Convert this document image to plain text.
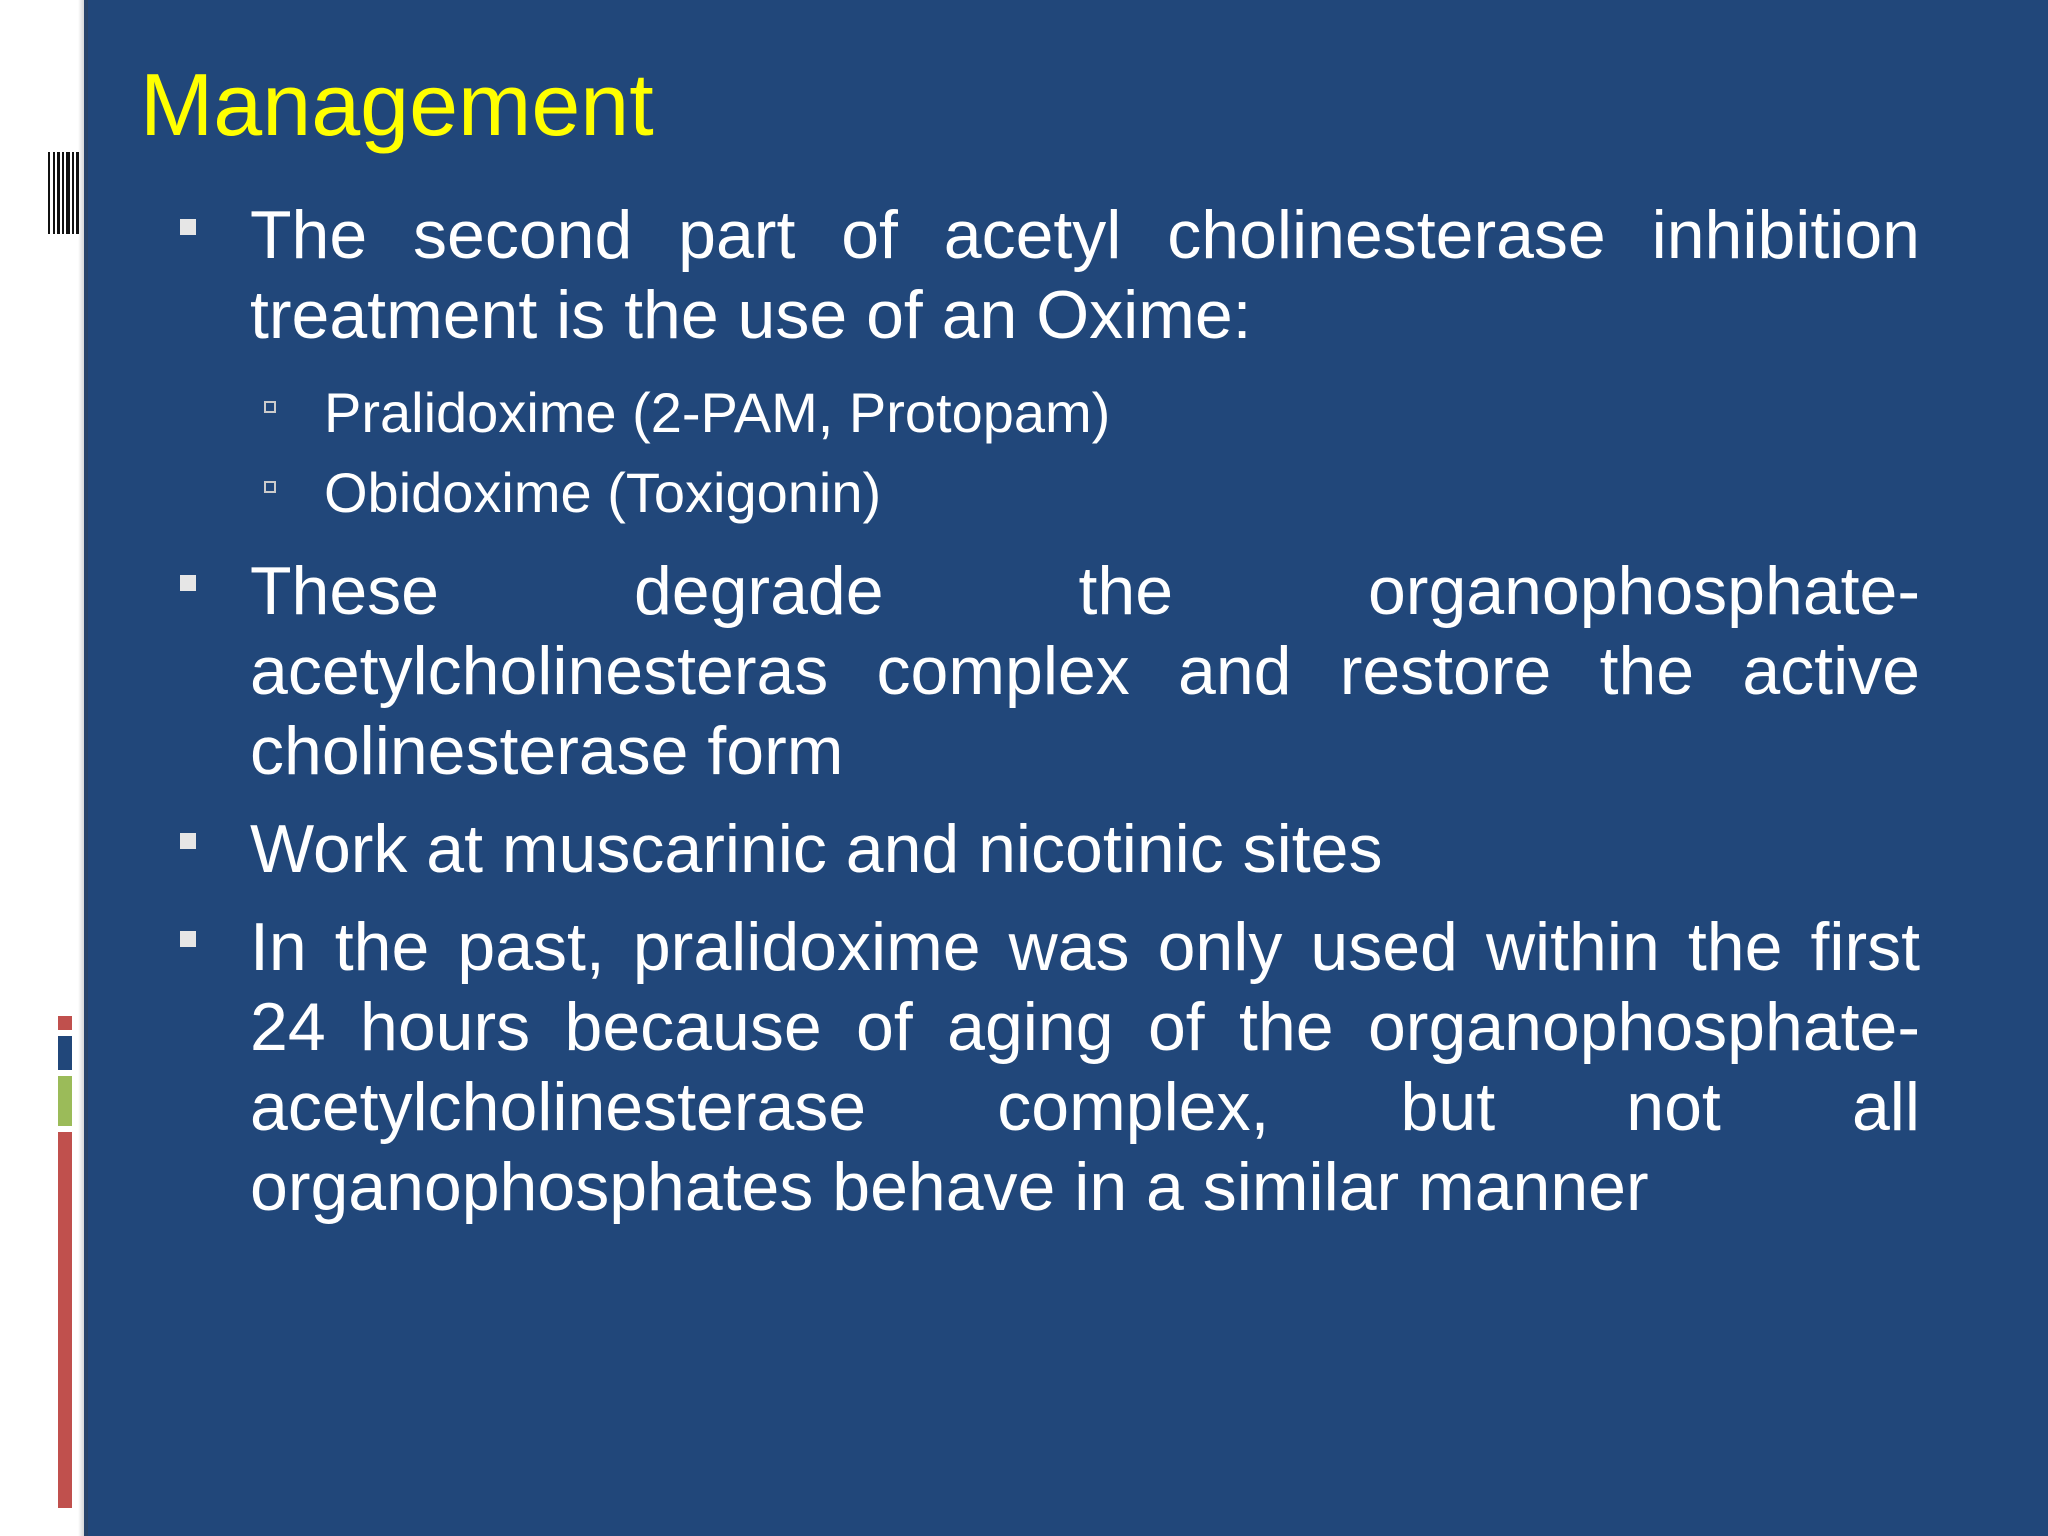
Management
The second part of acetyl cholinesterase inhibition treatment is the use of an Oxime:
Pralidoxime (2-PAM, Protopam)
Obidoxime (Toxigonin)
These degrade the organophosphate-acetylcholinesteras complex and restore the active cholinesterase form
Work at muscarinic and nicotinic sites
In the past, pralidoxime was only used within the first 24 hours because of aging of the organophosphate-acetylcholinesterase complex, but not all organophosphates behave in a similar manner
